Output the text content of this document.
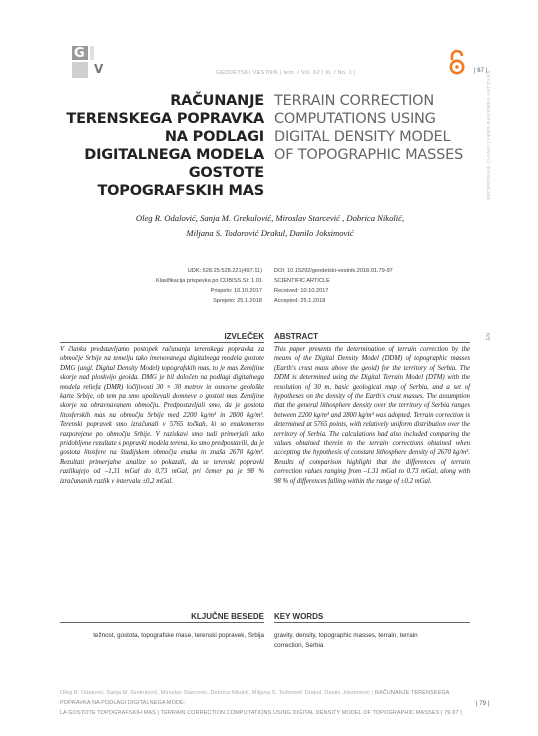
G
V	GEODETSKI VESTNIK | letn. / Vol. 62 | št. / No. 1 |	| 67 |
RECENZIRANI ČLANKI | PEER-REVIEWED ARTICLES
RAČUNANJE TERENSKEGA POPRAVKA NA PODLAGI DIGITALNEGA MODELA GOSTOTE TOPOGRAFSKIH MAS
TERRAIN CORRECTION COMPUTATIONS USING DIGITAL DENSITY MODEL OF TOPOGRAPHIC MASSES
Oleg R. Odalović, Sanja M. Grekulović, Miroslav Starcević , Dobrica Nikolić,
Miljana S. Todorović Drakul, Danilo Joksimović
UDK: 528.25:528.221(497.11)
Klasifikacija prispevka po COBISS.SI: 1.01
Prispelo: 10.10.2017
Sprejeto: 25.1.2018
DOI: 10.15292/geodetski-vestnik.2018.01.79-97
SCIENTIFIC ARTICLE
Received: 10.10.2017
Accepted: 25.1.2018
IZVLEČEK ABSTRACT
V članku predstavljamo postopek računanja terenskega popravka za območje Srbije na temelju tako imenovanega digitalnega modela gostote DMG (angl. Digital Density Model) topografskih mas, to je mas Zemljine skorje nad ploskvijo geoida. DMG je bil določen na podlagi digitalnega modela reliefa (DMR) ločljivosti 30 × 30 metrov in osnovne geološke karte Srbije, ob tem pa smo upoštevali domneve o gostoti mas Zemljine skorje na obravnavanem območju. Predpostavljali smo, da je gostota litosferskih mas na območju Srbije med 2200 kg/m³ in 2800 kg/m³. Terenski popravek smo izračunali v 5765 točkah, ki so enakomerno razporejene po območju Srbije. V raziskavi smo tudi primerjali tako pridobljene rezultate s popravki modela terena, ko smo predpostavili, da je gostota litosfere na študijskem območju enaka in znaša 2670 kg/m³. Rezultati primerjalne analize so pokazali, da se terenski popravki razlikujejo od –1,31 mGal do 0,73 mGal, pri čemer pa je 98 % izračunanih razlik v intervalu ±0,2 mGal.
This paper presents the determination of terrain correction by the means of the Digital Density Model (DDM) of topographic masses (Earth's crust mass above the geoid) for the territory of Serbia. The DDM is determined using the Digital Terrain Model (DTM) with the resolution of 30 m, basic geological map of Serbia, and a set of hypotheses on the density of the Earth's crust masses. The assumption that the general lithosphere density over the territory of Serbia ranges between 2200 kg/m³ and 2800 kg/m³ was adopted. Terrain correction is determined at 5765 points, with relatively uniform distribution over the territory of Serbia. The calculations had also included comparing the values obtained therein to the terrain corrections obtained when accepting the hypothesis of constant lithosphere density of 2670 kg/m³. Results of comparison highlight that the differences of terrain correction values ranging from –1.31 mGal to 0.73 mGal, along with 98 % of differences falling within the range of ±0.2 mGal.
EN
KLJUČNE BESEDE KEY WORDS
težnost, gostota, topografske mase, terenski popravek, Srbija gravity, density, topographic masses, terrain, terrain correction, Serbia
Oleg R. Odalović, Sanja M. Grekulović, Miroslav Starcević, Dobrica Nikolić, Miljana S. Todorović Drakul, Danilo Joksimović | RAČUNANJE TERENSKEGA POPRAVKA NA PODLAGI DIGITALNEGA MODE-
LA GOSTOTE TOPOGRAFSKIH MAS | TERRAIN CORRECTION COMPUTATIONS USING DIGITAL DENSITY MODEL OF TOPOGRAPHIC MASSES | 79-97 |
| 79 |
